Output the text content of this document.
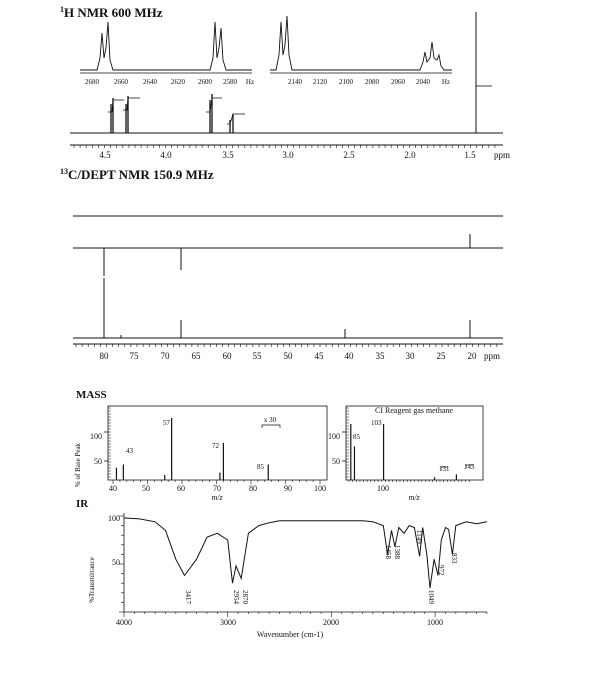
$^1$H NMR 600 MHz
2680 2660 2640 2620 2600 2580 Hz	2140 2120 2100 2080 2060 2040 Hz
4.5	4.0	3.5	3.0	2.5	2.0	1.5 ppm
$^{13}$C/DEPT NMR 150.9 MHz
80 75 70 65 60 55 50 45 40 35 30 25 20 ppm
MASS
% of Base Peak
100
50
43
57
72
85
x 30
40	50	60	70	80	90	100
m/z
100
50
CI Reagent gas methane
85
103
131 143
100
m/z
IR
%Transmittance
100
50
3417	2954 2870
1458 1388
1149
1049
972
833
4000	3000	2000	1000
Wavenumber (cm-1)
